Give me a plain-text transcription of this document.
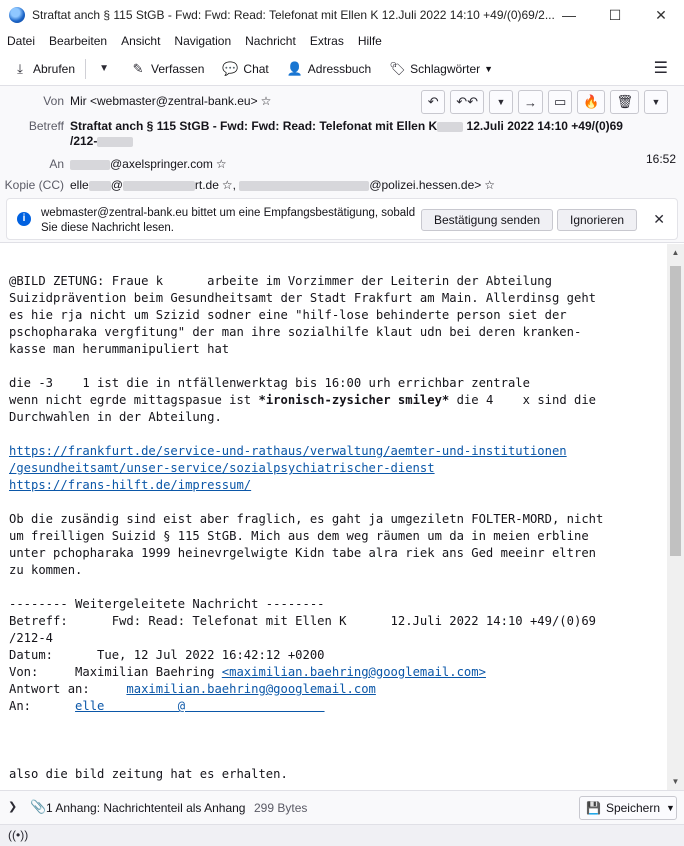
Straftat anch § 115 StGB - Fwd: Fwd: Read: Telefonat mit Ellen K 12.Juli 2022 14:10 +49/(0)69/2... —	☐	✕
Datei Bearbeiten Ansicht Navigation Nachricht Extras Hilfe
⤓ Abrufen	▼ ✎ Verfassen 💬 Chat 👤 Adressbuch 🏷 Schlagwörter ▼	☰
Von Mir <webmaster@zentral-bank.eu> ☆	↶	↶↶	▼	→	▭	🔥	🗑	▼
Betreff Straftat anch § 115 StGB - Fwd: Fwd: Read: Telefonat mit Ellen K 12.Juli 2022 14:10 +49/(0)69
16:52
/212-
An	@axelspringer.com ☆
Kopie (CC) elle @	rt.de ☆,	@polizei.hessen.de> ☆
i	webmaster@zentral-bank.eu bittet um eine Empfangsbestätigung, sobald Sie diese Nachricht lesen.
Bestätigung senden	Ignorieren	✕
@BILD ZETUNG: Fraue k      arbeite im Vorzimmer der Leiterin der Abteilung
Suizidprävention beim Gesundheitsamt der Stadt Frakfurt am Main. Allerdinsg geht
es hie rja nicht um Szizid sodner eine "hilf-lose behinderte person siet der
pschopharaka vergfitung" der man ihre sozialhilfe klaut udn bei deren kranken-
kasse man herummanipuliert hat

die -3    1 ist die in ntfällenwerktag bis 16:00 urh errichbar zentrale
wenn nicht egrde mittagspasue ist *ironisch-zysicher smiley* die 4    x sind die
Durchwahlen in der Abteilung.

https://frankfurt.de/service-und-rathaus/verwaltung/aemter-und-institutionen
/gesundheitsamt/unser-service/sozialpsychiatrischer-dienst
https://frans-hilft.de/impressum/

Ob die zusändig sind eist aber fraglich, es gaht ja umgeziletn FOLTER-MORD, nicht
um freilligen Suizid § 115 StGB. Mich aus dem weg räumen um da in meien erbline
unter pchopharaka 1999 heinevrgelwigte Kidn tabe alra riek ans Ged meeinr eltren
zu kommen.

-------- Weitergeleitete Nachricht --------
Betreff:      Fwd: Read: Telefonat mit Ellen K      12.Juli 2022 14:10 +49/(0)69
/212-4
Datum:      Tue, 12 Jul 2022 16:42:12 +0200
Von:     Maximilian Baehring <maximilian.baehring@googlemail.com>
Antwort an:     maximilian.baehring@googlemail.com
An:      elle          @

also die bild zeitung hat es erhalten.
▲
▼
❯ 📎 1 Anhang: Nachrichtenteil als Anhang 299 Bytes	💾 Speichern ▼
((•))
